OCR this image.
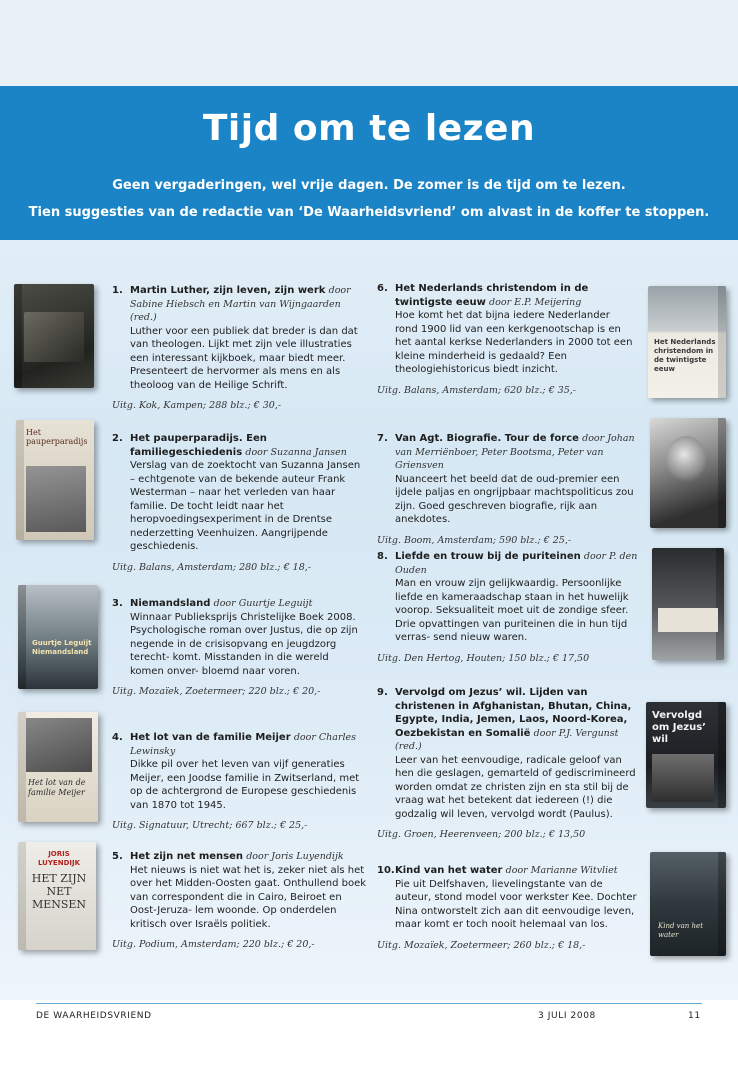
Tijd om te lezen
Geen vergaderingen, wel vrije dagen. De zomer is de tijd om te lezen.
Tien suggesties van de redactie van ‘De Waarheidsvriend’ om alvast in de koffer te stoppen.
1. Martin Luther, zijn leven, zijn werk door Sabine Hiebsch en Martin van Wijngaarden (red.)
Luther voor een publiek dat breder is dan dat van theologen. Lijkt met zijn vele illustraties een interessant kijkboek, maar biedt meer. Presenteert de hervormer als mens en als theoloog van de Heilige Schrift.
Uitg. Kok, Kampen; 288 blz.; € 30,-
2. Het pauperparadijs. Een familiegeschiedenis door Suzanna Jansen
Verslag van de zoektocht van Suzanna Jansen – echtgenote van de bekende auteur Frank Westerman – naar het verleden van haar familie. De tocht leidt naar het heropvoedingsexperiment in de Drentse nederzetting Veenhuizen. Aangrijpende geschiedenis.
Uitg. Balans, Amsterdam; 280 blz.; € 18,-
3. Niemandsland door Guurtje Leguijt
Winnaar Publieksprijs Christelijke Boek 2008. Psychologische roman over Justus, die op zijn negende in de crisisopvang en jeugdzorg terecht- komt. Misstanden in die wereld komen onver- bloemd naar voren.
Uitg. Mozaïek, Zoetermeer; 220 blz.; € 20,-
4. Het lot van de familie Meijer door Charles Lewinsky
Dikke pil over het leven van vijf generaties Meijer, een Joodse familie in Zwitserland, met op de achtergrond de Europese geschiedenis van 1870 tot 1945.
Uitg. Signatuur, Utrecht; 667 blz.; € 25,-
5. Het zijn net mensen door Joris Luyendijk
Het nieuws is niet wat het is, zeker niet als het over het Midden-Oosten gaat. Onthullend boek van correspondent die in Cairo, Beiroet en Oost-Jeruza- lem woonde. Op onderdelen kritisch over Israëls politiek.
Uitg. Podium, Amsterdam; 220 blz.; € 20,-
6. Het Nederlands christendom in de twintigste eeuw door E.P. Meijering
Hoe komt het dat bijna iedere Nederlander rond 1900 lid van een kerkgenootschap is en het aantal kerkse Nederlanders in 2000 tot een kleine minderheid is gedaald? Een theologiehistoricus biedt inzicht.
Uitg. Balans, Amsterdam; 620 blz.; € 35,-
7. Van Agt. Biografie. Tour de force door Johan van Merriënboer, Peter Bootsma, Peter van Griensven
Nuanceert het beeld dat de oud-premier een ijdele paljas en ongrijpbaar machtspoliticus zou zijn. Goed geschreven biografie, rijk aan anekdotes.
Uitg. Boom, Amsterdam; 590 blz.; € 25,-
8. Liefde en trouw bij de puriteinen door P. den Ouden
Man en vrouw zijn gelijkwaardig. Persoonlijke liefde en kameraadschap staan in het huwelijk voorop. Seksualiteit moet uit de zondige sfeer. Drie opvattingen van puriteinen die in hun tijd verras- send nieuw waren.
Uitg. Den Hertog, Houten; 150 blz.; € 17,50
9. Vervolgd om Jezus’ wil. Lijden van christenen in Afghanistan, Bhutan, China, Egypte, India, Jemen, Laos, Noord-Korea, Oezbekistan en Somalië door P.J. Vergunst (red.)
Leer van het eenvoudige, radicale geloof van hen die geslagen, gemarteld of gediscrimineerd worden omdat ze christen zijn en sta stil bij de vraag wat het betekent dat iedereen (!) die godzalig wil leven, vervolgd wordt (Paulus).
Uitg. Groen, Heerenveen; 200 blz.; € 13,50
10. Kind van het water door Marianne Witvliet
Pie uit Delfshaven, lievelingstante van de auteur, stond model voor werkster Kee. Dochter Nina ontworstelt zich aan dit eenvoudige leven, maar komt er toch nooit helemaal van los.
Uitg. Mozaïek, Zoetermeer; 260 blz.; € 18,-
Het pauperparadijs
Guurtje Leguijt Niemandsland
Het lot van de familie Meijer
JORIS LUYENDIJK
HET ZIJN NET MENSEN
Het Nederlands christendom in de twintigste eeuw
Vervolgd om Jezus’ wil
Kind van het water
DE WAARHEIDSVRIEND	3 JULI 2008	11
